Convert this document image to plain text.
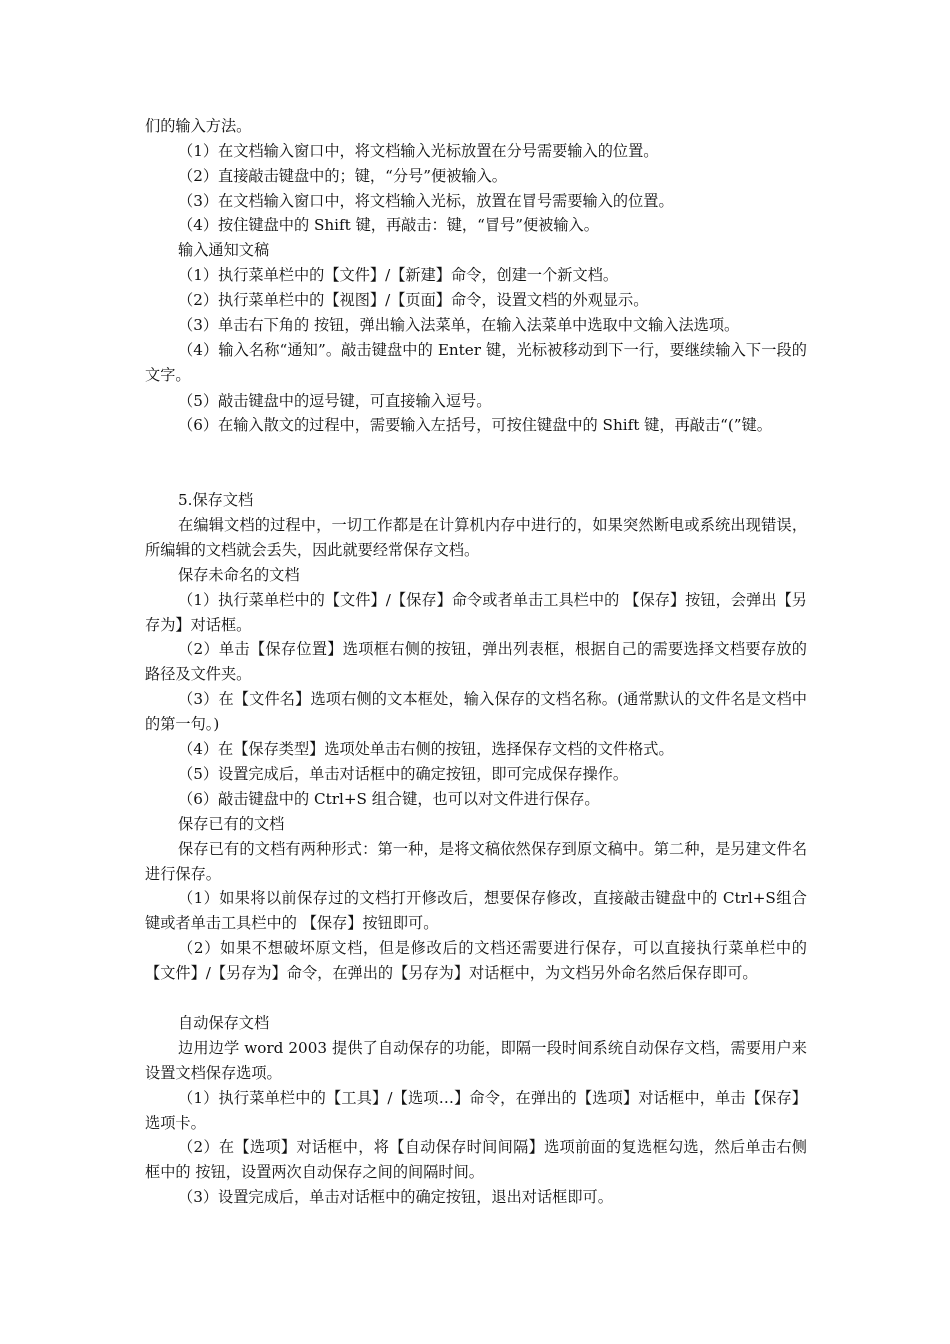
们的输入方法。

（1）在文档输入窗口中，将文档输入光标放置在分号需要输入的位置。

（2）直接敲击键盘中的；键，“分号”便被输入。

（3）在文档输入窗口中，将文档输入光标，放置在冒号需要输入的位置。

（4）按住键盘中的 Shift 键，再敲击：键，“冒号”便被输入。

输入通知文稿

（1）执行菜单栏中的【文件】/【新建】命令，创建一个新文档。

（2）执行菜单栏中的【视图】/【页面】命令，设置文档的外观显示。

（3）单击右下角的 按钮，弹出输入法菜单，在输入法菜单中选取中文输入法选项。

（4）输入名称“通知”。敲击键盘中的 Enter 键，光标被移动到下一行，要继续输入下一段的文字。

（5）敲击键盘中的逗号键，可直接输入逗号。

（6）在输入散文的过程中，需要输入左括号，可按住键盘中的 Shift 键，再敲击“(”键。

5.保存文档

在编辑文档的过程中，一切工作都是在计算机内存中进行的，如果突然断电或系统出现错误，所编辑的文档就会丢失，因此就要经常保存文档。

保存未命名的文档

（1）执行菜单栏中的【文件】/【保存】命令或者单击工具栏中的 【保存】按钮，会弹出【另存为】对话框。

（2）单击【保存位置】选项框右侧的按钮，弹出列表框，根据自己的需要选择文档要存放的路径及文件夹。

（3）在【文件名】选项右侧的文本框处，输入保存的文档名称。(通常默认的文件名是文档中的第一句。)

（4）在【保存类型】选项处单击右侧的按钮，选择保存文档的文件格式。

（5）设置完成后，单击对话框中的确定按钮，即可完成保存操作。

（6）敲击键盘中的 Ctrl+S 组合键，也可以对文件进行保存。

保存已有的文档

保存已有的文档有两种形式：第一种，是将文稿依然保存到原文稿中。第二种，是另建文件名进行保存。

（1）如果将以前保存过的文档打开修改后，想要保存修改，直接敲击键盘中的 Ctrl+S组合键或者单击工具栏中的 【保存】按钮即可。

（2）如果不想破坏原文档，但是修改后的文档还需要进行保存，可以直接执行菜单栏中的【文件】/【另存为】命令，在弹出的【另存为】对话框中，为文档另外命名然后保存即可。

自动保存文档

边用边学 word 2003 提供了自动保存的功能，即隔一段时间系统自动保存文档，需要用户来设置文档保存选项。

（1）执行菜单栏中的【工具】/【选项…】命令，在弹出的【选项】对话框中，单击【保存】选项卡。

（2）在【选项】对话框中，将【自动保存时间间隔】选项前面的复选框勾选，然后单击右侧框中的 按钮，设置两次自动保存之间的间隔时间。

（3）设置完成后，单击对话框中的确定按钮，退出对话框即可。
